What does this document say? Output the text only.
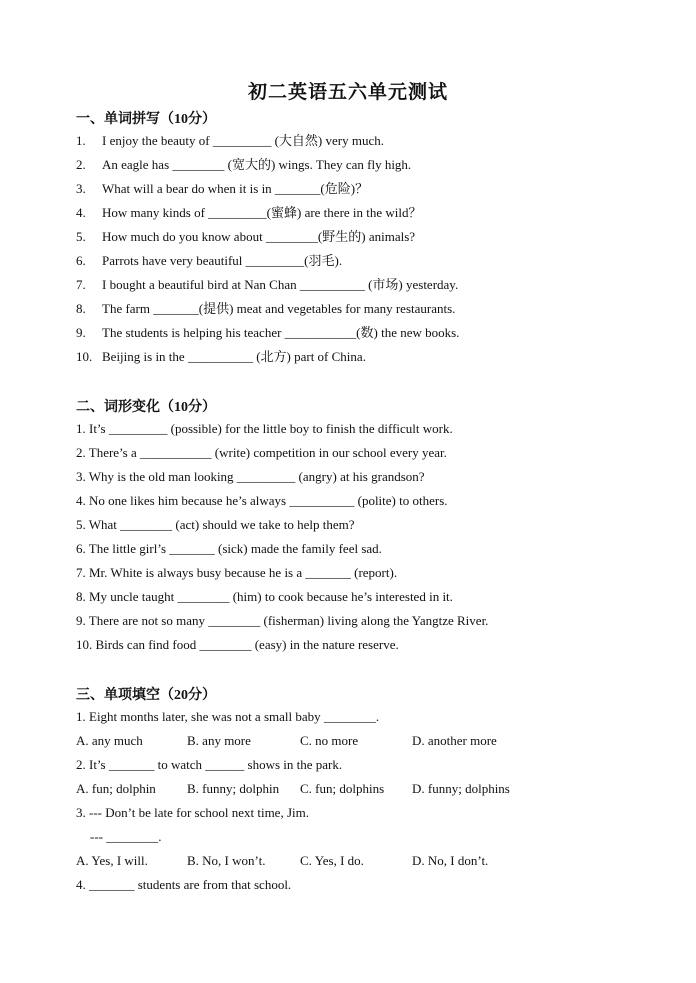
初二英语五六单元测试
一、单词拼写（10分）
1. I enjoy the beauty of _________ (大自然) very much.
2. An eagle has ________ (宽大的) wings. They can fly high.
3. What will a bear do when it is in _______(危险)？
4. How many kinds of _________(蜜蜂) are there in the wild？
5. How much do you know about ________(野生的) animals?
6. Parrots have very beautiful _________(羽毛).
7. I bought a beautiful bird at Nan Chan __________ (市场) yesterday.
8. The farm _______(提供) meat and vegetables for many restaurants.
9. The students is helping his teacher ___________(数) the new books.
10. Beijing is in the __________ (北方) part of China.
二、词形变化（10分）
1. It’s _________ (possible) for the little boy to finish the difficult work.
2. There’s a ___________ (write) competition in our school every year.
3. Why is the old man looking _________ (angry) at his grandson?
4. No one likes him because he’s always __________ (polite) to others.
5. What ________ (act) should we take to help them?
6. The little girl’s _______ (sick) made the family feel sad.
7. Mr. White is always busy because he is a _______ (report).
8. My uncle taught ________ (him) to cook because he’s interested in it.
9. There are not so many ________ (fisherman) living along the Yangtze River.
10. Birds can find food ________ (easy) in the nature reserve.
三、单项填空（20分）
1. Eight months later, she was not a small baby ________.
A. any much	B. any more	C. no more	D. another more
2. It’s _______ to watch ______ shows in the park.
A. fun; dolphin B. funny; dolphin C. fun; dolphins D. funny; dolphins
3. --- Don’t be late for school next time, Jim.
--- ________.
A. Yes, I will.	B. No, I won’t.	C. Yes, I do.	D. No, I don’t.
4. _______ students are from that school.
